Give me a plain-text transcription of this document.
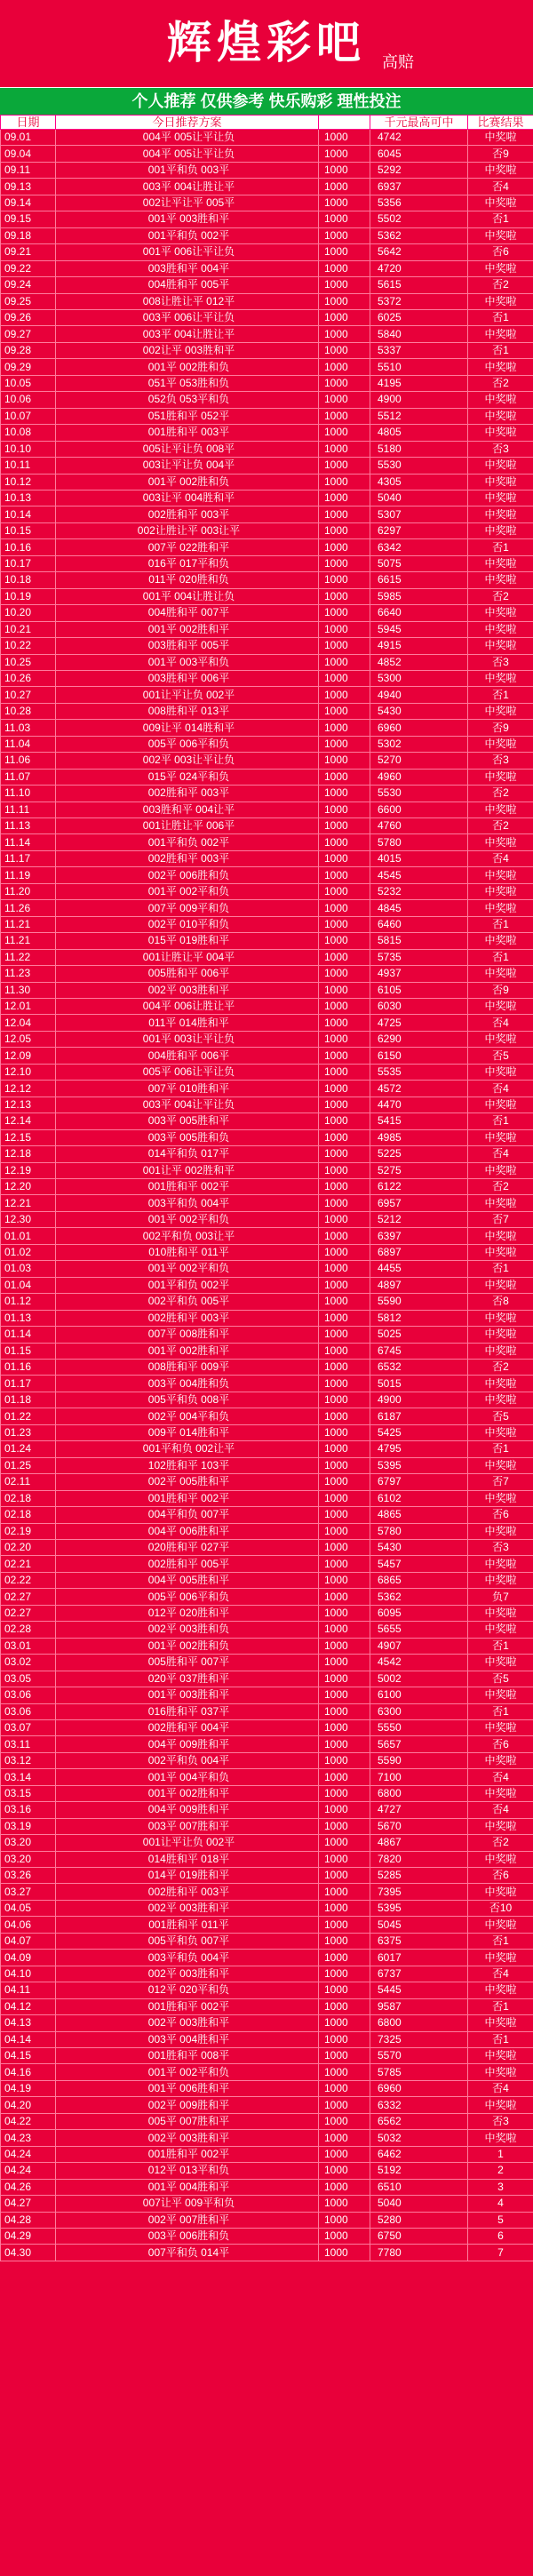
辉煌彩吧	高赔
个人推荐 仅供参考 快乐购彩 理性投注
日期	今日推荐方案		千元最高可中	比赛结果
09.01	004平 005让平让负	1000	4742	中奖啦
09.04	004平 005让平让负	1000	6045	否9
09.11	001平和负 003平	1000	5292	中奖啦
09.13	003平 004让胜让平	1000	6937	否4
09.14	002让平让平 005平	1000	5356	中奖啦
09.15	001平 003胜和平	1000	5502	否1
09.18	001平和负 002平	1000	5362	中奖啦
09.21	001平 006让平让负	1000	5642	否6
09.22	003胜和平 004平	1000	4720	中奖啦
09.24	004胜和平 005平	1000	5615	否2
09.25	008让胜让平 012平	1000	5372	中奖啦
09.26	003平 006让平让负	1000	6025	否1
09.27	003平 004让胜让平	1000	5840	中奖啦
09.28	002让平 003胜和平	1000	5337	否1
09.29	001平 002胜和负	1000	5510	中奖啦
10.05	051平 053胜和负	1000	4195	否2
10.06	052负 053平和负	1000	4900	中奖啦
10.07	051胜和平 052平	1000	5512	中奖啦
10.08	001胜和平 003平	1000	4805	中奖啦
10.10	005让平让负 008平	1000	5180	否3
10.11	003让平让负 004平	1000	5530	中奖啦
10.12	001平 002胜和负	1000	4305	中奖啦
10.13	003让平 004胜和平	1000	5040	中奖啦
10.14	002胜和平 003平	1000	5307	中奖啦
10.15	002让胜让平 003让平	1000	6297	中奖啦
10.16	007平 022胜和平	1000	6342	否1
10.17	016平 017平和负	1000	5075	中奖啦
10.18	011平 020胜和负	1000	6615	中奖啦
10.19	001平 004让胜让负	1000	5985	否2
10.20	004胜和平 007平	1000	6640	中奖啦
10.21	001平 002胜和平	1000	5945	中奖啦
10.22	003胜和平 005平	1000	4915	中奖啦
10.25	001平 003平和负	1000	4852	否3
10.26	003胜和平 006平	1000	5300	中奖啦
10.27	001让平让负 002平	1000	4940	否1
10.28	008胜和平 013平	1000	5430	中奖啦
11.03	009让平 014胜和平	1000	6960	否9
11.04	005平 006平和负	1000	5302	中奖啦
11.06	002平 003让平让负	1000	5270	否3
11.07	015平 024平和负	1000	4960	中奖啦
11.10	002胜和平 003平	1000	5530	否2
11.11	003胜和平 004让平	1000	6600	中奖啦
11.13	001让胜让平 006平	1000	4760	否2
11.14	001平和负 002平	1000	5780	中奖啦
11.17	002胜和平 003平	1000	4015	否4
11.19	002平 006胜和负	1000	4545	中奖啦
11.20	001平 002平和负	1000	5232	中奖啦
11.26	007平 009平和负	1000	4845	中奖啦
11.21	002平 010平和负	1000	6460	否1
11.21	015平 019胜和平	1000	5815	中奖啦
11.22	001让胜让平 004平	1000	5735	否1
11.23	005胜和平 006平	1000	4937	中奖啦
11.30	002平 003胜和平	1000	6105	否9
12.01	004平 006让胜让平	1000	6030	中奖啦
12.04	011平 014胜和平	1000	4725	否4
12.05	001平 003让平让负	1000	6290	中奖啦
12.09	004胜和平 006平	1000	6150	否5
12.10	005平 006让平让负	1000	5535	中奖啦
12.12	007平 010胜和平	1000	4572	否4
12.13	003平 004让平让负	1000	4470	中奖啦
12.14	003平 005胜和平	1000	5415	否1
12.15	003平 005胜和负	1000	4985	中奖啦
12.18	014平和负 017平	1000	5225	否4
12.19	001让平 002胜和平	1000	5275	中奖啦
12.20	001胜和平 002平	1000	6122	否2
12.21	003平和负 004平	1000	6957	中奖啦
12.30	001平 002平和负	1000	5212	否7
01.01	002平和负 003让平	1000	6397	中奖啦
01.02	010胜和平 011平	1000	6897	中奖啦
01.03	001平 002平和负	1000	4455	否1
01.04	001平和负 002平	1000	4897	中奖啦
01.12	002平和负 005平	1000	5590	否8
01.13	002胜和平 003平	1000	5812	中奖啦
01.14	007平 008胜和平	1000	5025	中奖啦
01.15	001平 002胜和平	1000	6745	中奖啦
01.16	008胜和平 009平	1000	6532	否2
01.17	003平 004胜和负	1000	5015	中奖啦
01.18	005平和负 008平	1000	4900	中奖啦
01.22	002平 004平和负	1000	6187	否5
01.23	009平 014胜和平	1000	5425	中奖啦
01.24	001平和负 002让平	1000	4795	否1
01.25	102胜和平 103平	1000	5395	中奖啦
02.11	002平 005胜和平	1000	6797	否7
02.18	001胜和平 002平	1000	6102	中奖啦
02.18	004平和负 007平	1000	4865	否6
02.19	004平 006胜和平	1000	5780	中奖啦
02.20	020胜和平 027平	1000	5430	否3
02.21	002胜和平 005平	1000	5457	中奖啦
02.22	004平 005胜和平	1000	6865	中奖啦
02.27	005平 006平和负	1000	5362	负7
02.27	012平 020胜和平	1000	6095	中奖啦
02.28	002平 003胜和负	1000	5655	中奖啦
03.01	001平 002胜和负	1000	4907	否1
03.02	005胜和平 007平	1000	4542	中奖啦
03.05	020平 037胜和平	1000	5002	否5
03.06	001平 003胜和平	1000	6100	中奖啦
03.06	016胜和平 037平	1000	6300	否1
03.07	002胜和平 004平	1000	5550	中奖啦
03.11	004平 009胜和平	1000	5657	否6
03.12	002平和负 004平	1000	5590	中奖啦
03.14	001平 004平和负	1000	7100	否4
03.15	001平 002胜和平	1000	6800	中奖啦
03.16	004平 009胜和平	1000	4727	否4
03.19	003平 007胜和平	1000	5670	中奖啦
03.20	001让平让负 002平	1000	4867	否2
03.20	014胜和平 018平	1000	7820	中奖啦
03.26	014平 019胜和平	1000	5285	否6
03.27	002胜和平 003平	1000	7395	中奖啦
04.05	002平 003胜和平	1000	5395	否10
04.06	001胜和平 011平	1000	5045	中奖啦
04.07	005平和负 007平	1000	6375	否1
04.09	003平和负 004平	1000	6017	中奖啦
04.10	002平 003胜和平	1000	6737	否4
04.11	012平 020平和负	1000	5445	中奖啦
04.12	001胜和平 002平	1000	9587	否1
04.13	002平 003胜和平	1000	6800	中奖啦
04.14	003平 004胜和平	1000	7325	否1
04.15	001胜和平 008平	1000	5570	中奖啦
04.16	001平 002平和负	1000	5785	中奖啦
04.19	001平 006胜和平	1000	6960	否4
04.20	002平 009胜和平	1000	6332	中奖啦
04.22	005平 007胜和平	1000	6562	否3
04.23	002平 003胜和平	1000	5032	中奖啦
04.24	001胜和平 002平	1000	6462	1
04.24	012平 013平和负	1000	5192	2
04.26	001平 004胜和平	1000	6510	3
04.27	007让平 009平和负	1000	5040	4
04.28	002平 007胜和平	1000	5280	5
04.29	003平 006胜和负	1000	6750	6
04.30	007平和负 014平	1000	7780	7
